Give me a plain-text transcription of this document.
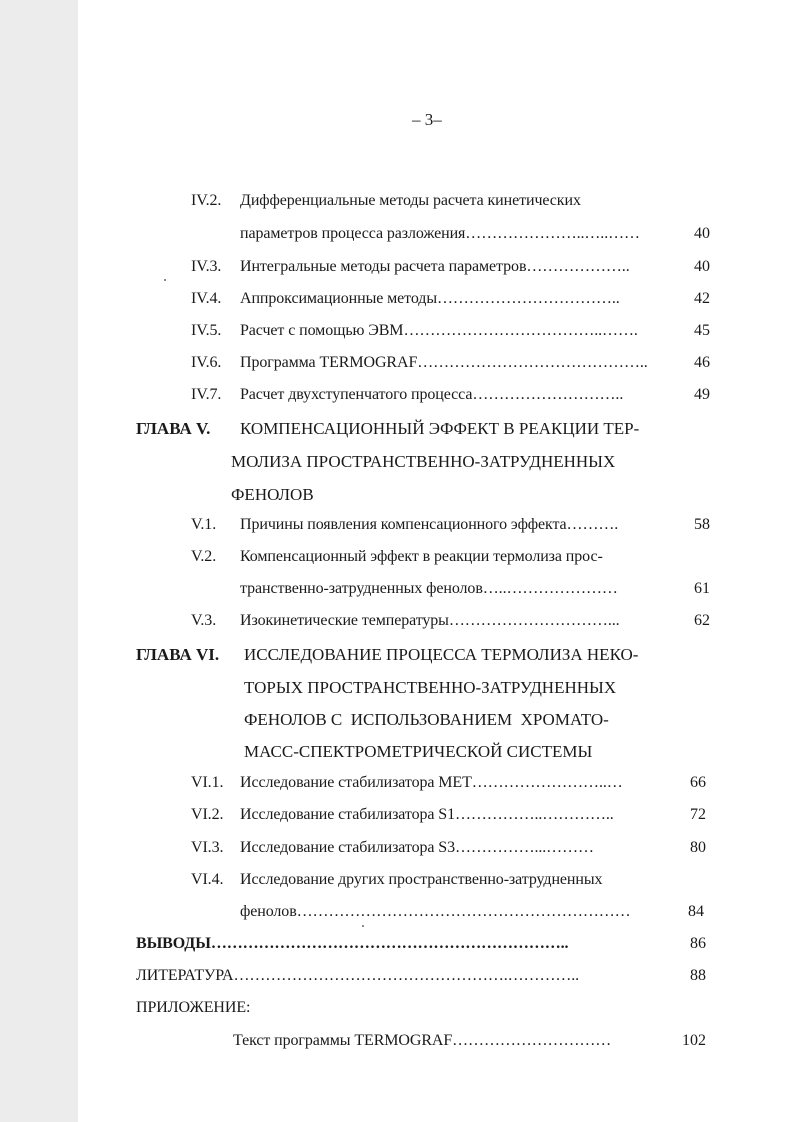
– 3–
IV.2. Дифференциальные методы расчета кинетических
параметров процесса разложения…………………..…..……	40
IV.3. Интегральные методы расчета параметров………………..	40
IV.4. Аппроксимационные методы……………………………..	42
IV.5. Расчет с помощью ЭВМ………………………………..…….	45
IV.6. Программа TERMOGRAF……………………………………..	46
IV.7. Расчет двухступенчатого процесса………………………..	49
ГЛАВА V. КОМПЕНСАЦИОННЫЙ ЭФФЕКТ В РЕАКЦИИ ТЕР-
МОЛИЗА ПРОСТРАНСТВЕННО-ЗАТРУДНЕННЫХ
ФЕНОЛОВ
V.1. Причины появления компенсационного эффекта……….	58
V.2. Компенсационный эффект в реакции термолиза прос-
транственно-затрудненных фенолов…..…………………	61
V.3. Изокинетические температуры…………………………...	62
ГЛАВА VI. ИССЛЕДОВАНИЕ ПРОЦЕССА ТЕРМОЛИЗА НЕКО-
ТОРЫХ ПРОСТРАНСТВЕННО-ЗАТРУДНЕННЫХ
ФЕНОЛОВ С  ИСПОЛЬЗОВАНИЕМ  ХРОМАТО-
МАСС-СПЕКТРОМЕТРИЧЕСКОЙ СИСТЕМЫ
VI.1. Исследование стабилизатора МЕТ……………………..…	66
VI.2. Исследование стабилизатора S1……………..…………..	72
VI.3. Исследование стабилизатора S3……………...………	80
VI.4. Исследование других пространственно-затрудненных
фенолов………………………………………………………	84
ВЫВОДЫ…………………………………………………………..	86
ЛИТЕРАТУРА…………………………………………….…………..	88
ПРИЛОЖЕНИЕ:
Текст программы TERMOGRAF…………………………	102
